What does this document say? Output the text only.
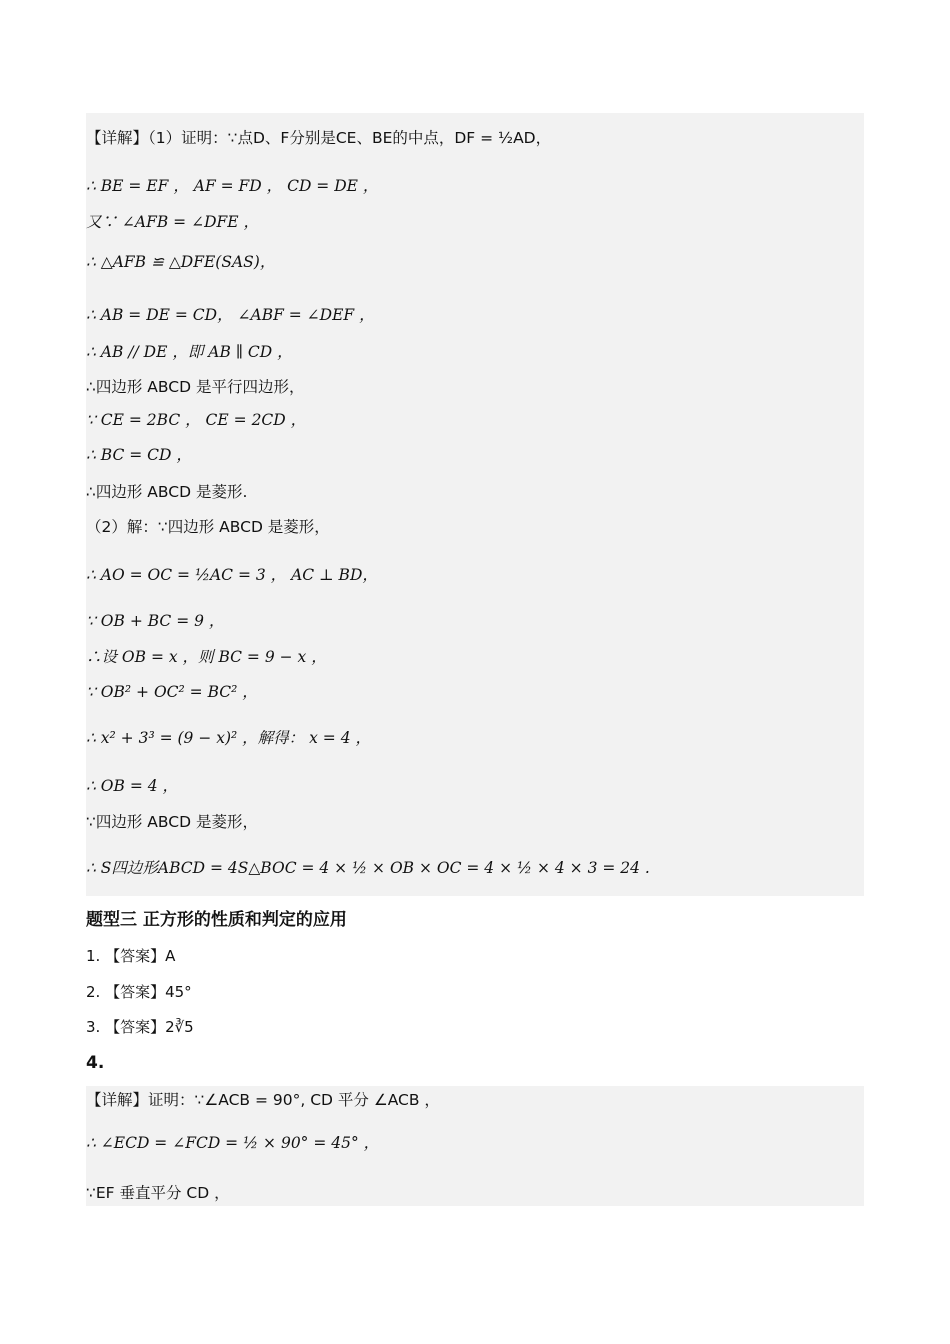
【详解】（1）证明：∵点D、F分别是CE、BE的中点，DF = ½AD，
∴ BE = EF ， AF = FD ， CD = DE ，
又∵ ∠AFB = ∠DFE ，
∴ △AFB ≌ △DFE(SAS)，
∴ AB = DE = CD， ∠ABF = ∠DEF ，
∴ AB // DE ，即 AB ∥ CD ，
∴四边形 ABCD 是平行四边形，
∵ CE = 2BC ， CE = 2CD ，
∴ BC = CD ，
∴四边形 ABCD 是菱形.
（2）解：∵四边形 ABCD 是菱形，
∴ AO = OC = ½AC = 3 ， AC ⊥ BD，
∵ OB + BC = 9 ，
∴设 OB = x ，则 BC = 9 − x ，
∵ OB² + OC² = BC² ，
∴ x² + 3³ = (9 − x)² ，解得： x = 4 ，
∴ OB = 4 ，
∵四边形 ABCD 是菱形，
∴ S四边形ABCD = 4S△BOC = 4 × ½ × OB × OC = 4 × ½ × 4 × 3 = 24 .
题型三 正方形的性质和判定的应用
1. 【答案】A
2. 【答案】45°
3. 【答案】2∛5
4.
【详解】证明：∵∠ACB = 90°, CD 平分 ∠ACB ，
∴ ∠ECD = ∠FCD = ½ × 90° = 45° ，
∵EF 垂直平分 CD ，
